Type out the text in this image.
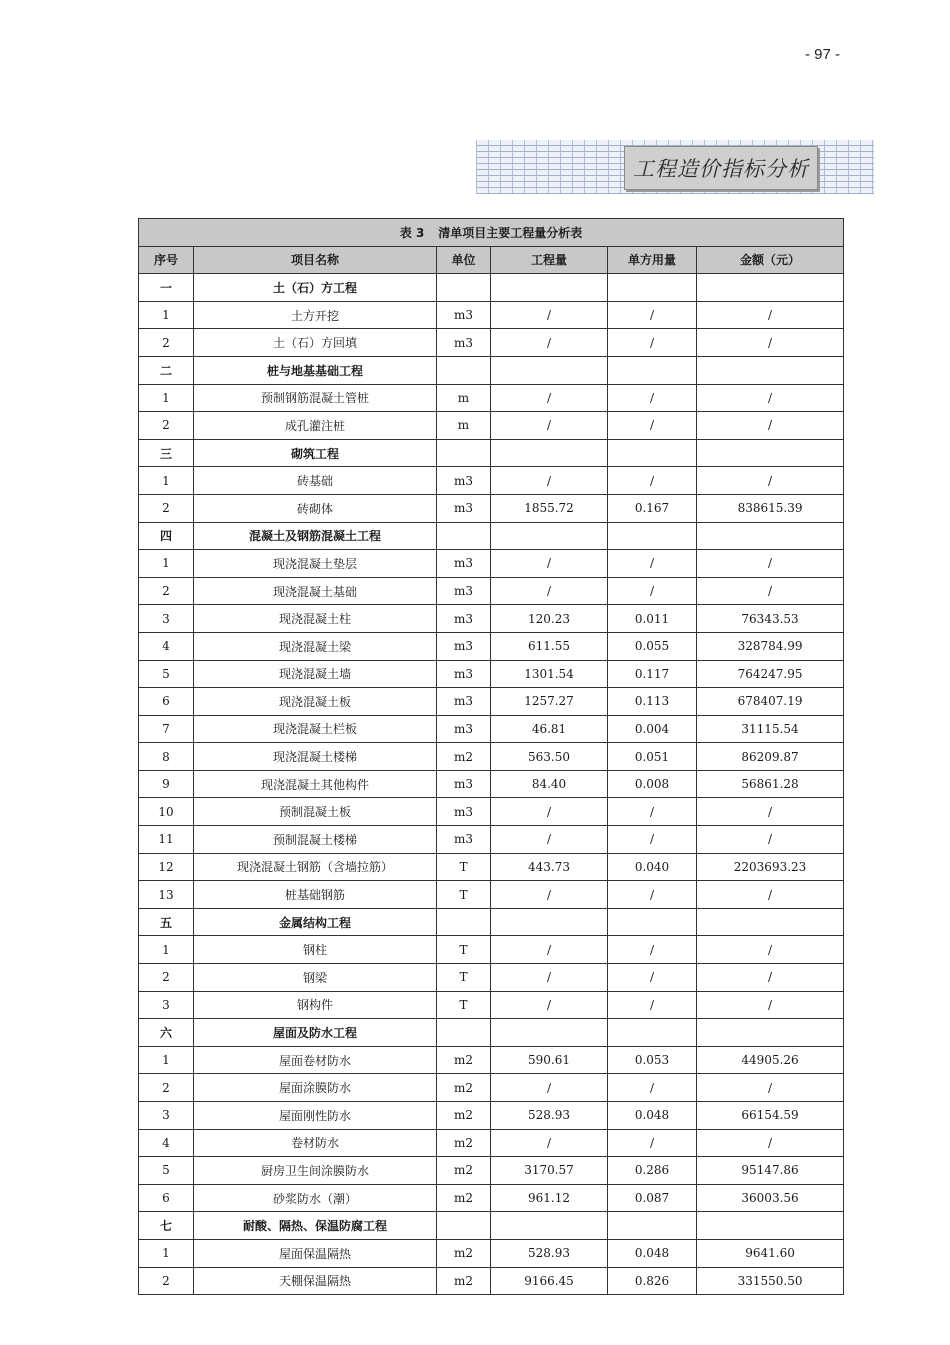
- 97 -
工程造价指标分析
表 3 清单项目主要工程量分析表					
序号	项目名称	单位	工程量	单方用量	金额（元）
一	土（石）方工程				
1	土方开挖	m3	/	/	/
2	土（石）方回填	m3	/	/	/
二	桩与地基基础工程				
1	预制钢筋混凝土管桩	m	/	/	/
2	成孔灌注桩	m	/	/	/
三	砌筑工程				
1	砖基础	m3	/	/	/
2	砖砌体	m3	1855.72	0.167	838615.39
四	混凝土及钢筋混凝土工程				
1	现浇混凝土垫层	m3	/	/	/
2	现浇混凝土基础	m3	/	/	/
3	现浇混凝土柱	m3	120.23	0.011	76343.53
4	现浇混凝土梁	m3	611.55	0.055	328784.99
5	现浇混凝土墙	m3	1301.54	0.117	764247.95
6	现浇混凝土板	m3	1257.27	0.113	678407.19
7	现浇混凝土栏板	m3	46.81	0.004	31115.54
8	现浇混凝土楼梯	m2	563.50	0.051	86209.87
9	现浇混凝土其他构件	m3	84.40	0.008	56861.28
10	预制混凝土板	m3	/	/	/
11	预制混凝土楼梯	m3	/	/	/
12	现浇混凝土钢筋（含墙拉筋）	T	443.73	0.040	2203693.23
13	桩基础钢筋	T	/	/	/
五	金属结构工程				
1	钢柱	T	/	/	/
2	钢梁	T	/	/	/
3	钢构件	T	/	/	/
六	屋面及防水工程				
1	屋面卷材防水	m2	590.61	0.053	44905.26
2	屋面涂膜防水	m2	/	/	/
3	屋面刚性防水	m2	528.93	0.048	66154.59
4	卷材防水	m2	/	/	/
5	厨房卫生间涂膜防水	m2	3170.57	0.286	95147.86
6	砂浆防水（潮）	m2	961.12	0.087	36003.56
七	耐酸、隔热、保温防腐工程				
1	屋面保温隔热	m2	528.93	0.048	9641.60
2	天棚保温隔热	m2	9166.45	0.826	331550.50
